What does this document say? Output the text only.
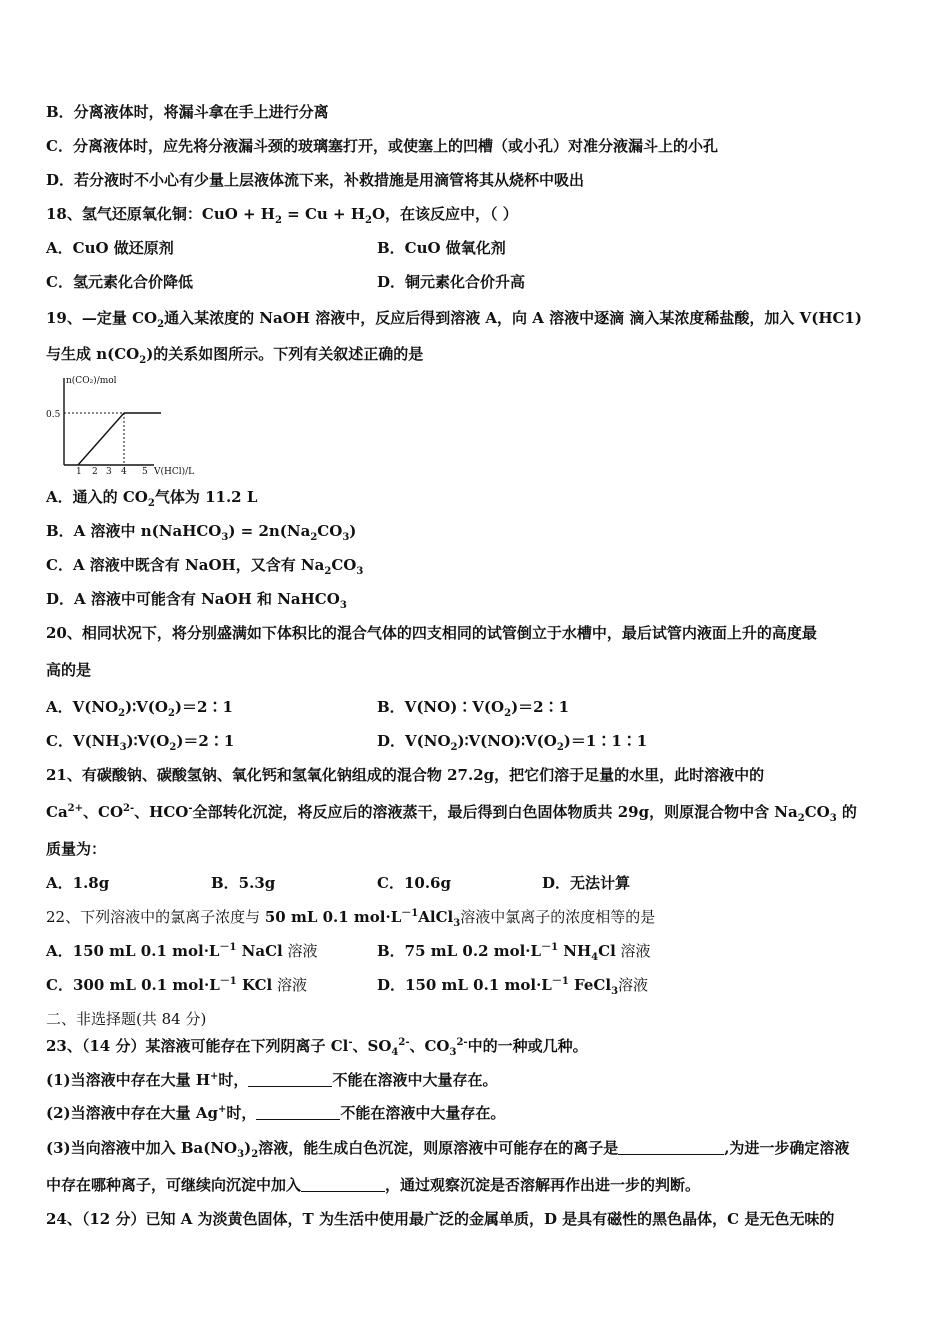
B．分离液体时，将漏斗拿在手上进行分离
C．分离液体时，应先将分液漏斗颈的玻璃塞打开，或使塞上的凹槽（或小孔）对准分液漏斗上的小孔
D．若分液时不小心有少量上层液体流下来，补救措施是用滴管将其从烧杯中吸出
18、氢气还原氧化铜：CuO + $H_2 = Cu + H_2O$，在该反应中，（ ）
A．CuO 做还原剂	B．CuO 做氧化剂
C．氢元素化合价降低	D．铜元素化合价升高
19、—定量 $CO_2$通入某浓度的 NaOH 溶液中，反应后得到溶液 A，向 A 溶液中逐滴 滴入某浓度稀盐酸，加入 V(HC1)
与生成 $n(CO_2)$的关系如图所示。下列有关叙述正确的是
n(CO₂)/mol
0.5
1 2 3 4 5 V(HCl)/L
A．通入的 $CO_2$气体为 11.2 L
B．A 溶液中 n(NaHCO$_3$) = $2n(Na_2CO_3)$
C．A 溶液中既含有 NaOH，又含有 $Na_2CO_3$
D．A 溶液中可能含有 NaOH 和 NaHCO$_3$
20、相同状况下，将分别盛满如下体积比的混合气体的四支相同的试管倒立于水槽中，最后试管内液面上升的高度最
高的是
A．$V(NO_2)∶V(O_2)=2∶1$	B．$V(NO)∶V(O_2)=2∶1$
C．$V(NH_3)∶V(O_2)=2∶1$	D．$V(NO_2)∶V(NO)∶V(O_2)=1∶1∶1$
21、有碳酸钠、碳酸氢钠、氧化钙和氢氧化钠组成的混合物 27.2g，把它们溶于足量的水里，此时溶液中的
$Ca^{2+}$、$CO^{2-}$、HCO-全部转化沉淀，将反应后的溶液蒸干，最后得到白色固体物质共 29g，则原混合物中含 $Na_2CO_3$ 的
质量为：
A．1.8g	B．5.3g	C．10.6g	D．无法计算
22、下列溶液中的氯离子浓度与 50 mL 0.1 $mol\cdot L^{-1}AlCl_3$溶液中氯离子的浓度相等的是
A．150 mL 0.1 $mol\cdot L^{-1}$ NaCl 溶液	B．75 mL 0.2 $mol\cdot L^{-1}$ $NH_4Cl$ 溶液
C．300 mL 0.1 $mol\cdot L^{-1}$ KCl 溶液	D．150 mL 0.1 $mol\cdot L^{-1}$ FeCl$_3$溶液
二、非选择题(共 84 分)
23、（14 分）某溶液可能存在下列阴离子 Cl-、$SO_4^{2-}$、$CO_3^{2-}$中的一种或几种。
(1)当溶液中存在大量 H+时，	不能在溶液中大量存在。
(2)当溶液中存在大量 Ag+时，	不能在溶液中大量存在。
(3)当向溶液中加入 $Ba(NO_3)_2$溶液，能生成白色沉淀，则原溶液中可能存在的离子是	,为进一步确定溶液
中存在哪种离子，可继续向沉淀中加入	，通过观察沉淀是否溶解再作出进一步的判断。
24、（12 分）已知 A 为淡黄色固体，T 为生活中使用最广泛的金属单质，D 是具有磁性的黑色晶体，C 是无色无味的
